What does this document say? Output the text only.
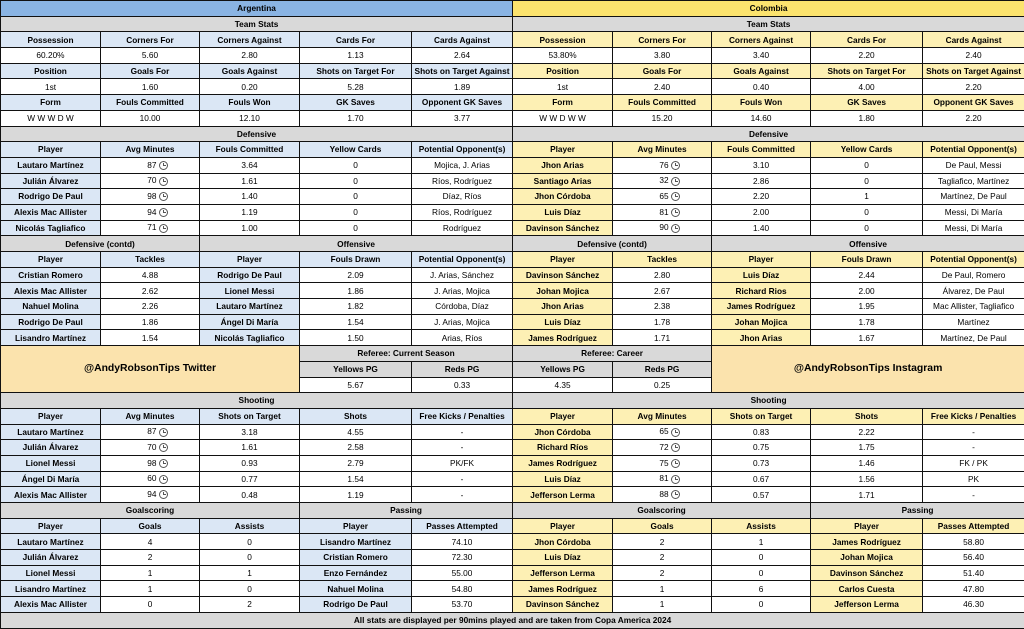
Argentina					Colombia				
Team Stats					Team Stats				
Possession	Corners For	Corners Against	Cards For	Cards Against	Possession	Corners For	Corners Against	Cards For	Cards Against
60.20%	5.60	2.80	1.13	2.64	53.80%	3.80	3.40	2.20	2.40
Position	Goals For	Goals Against	Shots on Target For	Shots on Target Against	Position	Goals For	Goals Against	Shots on Target For	Shots on Target Against
1st	1.60	0.20	5.28	1.89	1st	2.40	0.40	4.00	2.20
Form	Fouls Committed	Fouls Won	GK Saves	Opponent GK Saves	Form	Fouls Committed	Fouls Won	GK Saves	Opponent GK Saves
W W W D W	10.00	12.10	1.70	3.77	W W D W W	15.20	14.60	1.80	2.20
Defensive					Defensive				
Player	Avg Minutes	Fouls Committed	Yellow Cards	Potential Opponent(s)	Player	Avg Minutes	Fouls Committed	Yellow Cards	Potential Opponent(s)
Lautaro Martínez	87	3.64	0	Mojica, J. Arias	Jhon Arias	76	3.10	0	De Paul, Messi
Julián Álvarez	70	1.61	0	Ríos, Rodríguez	Santiago Arias	32	2.86	0	Tagliafico, Martínez
Rodrigo De Paul	98	1.40	0	Díaz, Ríos	Jhon Córdoba	65	2.20	1	Martínez, De Paul
Alexis Mac Allister	94	1.19	0	Ríos, Rodríguez	Luis Díaz	81	2.00	0	Messi, Di María
Nicolás Tagliafico	71	1.00	0	Rodríguez	Davinson Sánchez	90	1.40	0	Messi, Di María
Defensive (contd)		Offensive			Defensive (contd)		Offensive		
Player	Tackles	Player	Fouls Drawn	Potential Opponent(s)	Player	Tackles	Player	Fouls Drawn	Potential Opponent(s)
Cristian Romero	4.88	Rodrigo De Paul	2.09	J. Arias, Sánchez	Davinson Sánchez	2.80	Luis Díaz	2.44	De Paul, Romero
Alexis Mac Allister	2.62	Lionel Messi	1.86	J. Arias, Mojica	Johan Mojica	2.67	Richard Rios	2.00	Álvarez, De Paul
Nahuel Molina	2.26	Lautaro Martínez	1.82	Córdoba, Díaz	Jhon Arias	2.38	James Rodríguez	1.95	Mac Allister, Tagliafico
Rodrigo De Paul	1.86	Ángel Di María	1.54	J. Arias, Mojica	Luis Díaz	1.78	Johan Mojica	1.78	Martínez
Lisandro Martínez	1.54	Nicolás Tagliafico	1.50	Arias, Ríos	James Rodríguez	1.71	Jhon Arias	1.67	Martínez, De Paul
@AndyRobsonTips Twitter			Referee: Current Season		Referee: Career		@AndyRobsonTips Instagram		
			Yellows PG	Reds PG	Yellows PG	Reds PG			
			5.67	0.33	4.35	0.25			
Shooting					Shooting				
Player	Avg Minutes	Shots on Target	Shots	Free Kicks / Penalties	Player	Avg Minutes	Shots on Target	Shots	Free Kicks / Penalties
Lautaro Martínez	87	3.18	4.55	-	Jhon Córdoba	65	0.83	2.22	-
Julián Álvarez	70	1.61	2.58	-	Richard Ríos	72	0.75	1.75	-
Lionel Messi	98	0.93	2.79	PK/FK	James Rodríguez	75	0.73	1.46	FK / PK
Ángel Di María	60	0.77	1.54	-	Luis Díaz	81	0.67	1.56	PK
Alexis Mac Allister	94	0.48	1.19	-	Jefferson Lerma	88	0.57	1.71	-
Goalscoring			Passing		Goalscoring			Passing	
Player	Goals	Assists	Player	Passes Attempted	Player	Goals	Assists	Player	Passes Attempted
Lautaro Martínez	4	0	Lisandro Martínez	74.10	Jhon Córdoba	2	1	James Rodríguez	58.80
Julián Álvarez	2	0	Cristian Romero	72.30	Luis Díaz	2	0	Johan Mojica	56.40
Lionel Messi	1	1	Enzo Fernández	55.00	Jefferson Lerma	2	0	Davinson Sánchez	51.40
Lisandro Martínez	1	0	Nahuel Molina	54.80	James Rodríguez	1	6	Carlos Cuesta	47.80
Alexis Mac Allister	0	2	Rodrigo De Paul	53.70	Davinson Sánchez	1	0	Jefferson Lerma	46.30
All stats are displayed per 90mins played and are taken from Copa America 2024									
